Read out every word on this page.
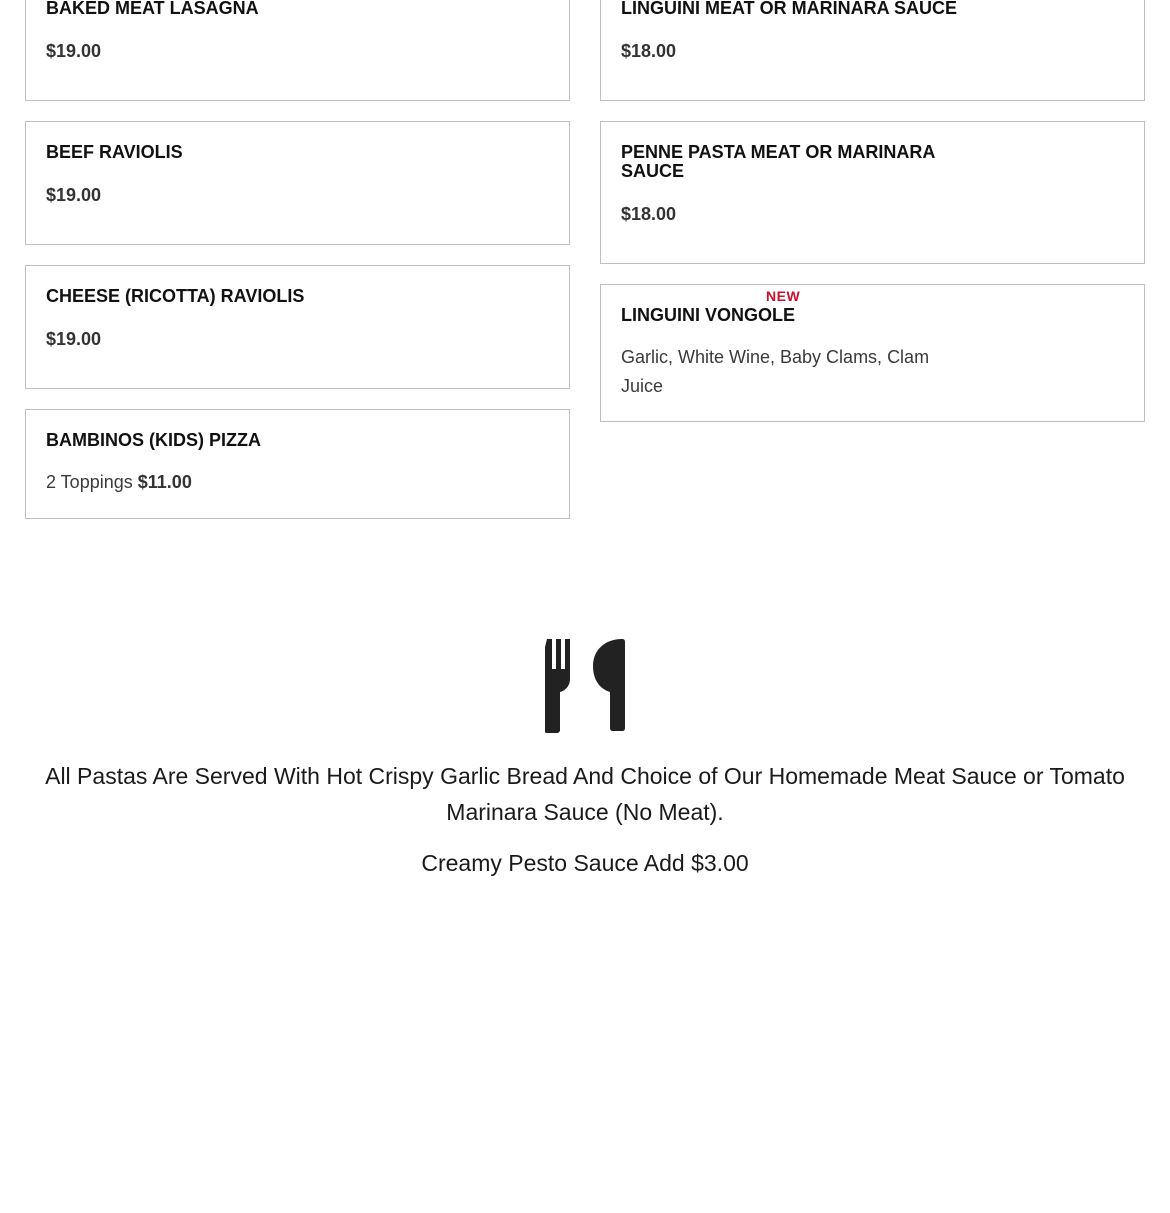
BAKED MEAT LASAGNA
$19.00
BEEF RAVIOLIS
$19.00
CHEESE (RICOTTA) RAVIOLIS
$19.00
BAMBINOS (KIDS) PIZZA
2 Toppings $11.00
LINGUINI MEAT OR MARINARA SAUCE
$18.00
PENNE PASTA MEAT OR MARINARA SAUCE
$18.00
NEW
LINGUINI VONGOLE
Garlic, White Wine, Baby Clams, Clam Juice
All Pastas Are Served With Hot Crispy Garlic Bread And Choice of Our Homemade Meat Sauce or Tomato Marinara Sauce (No Meat).
Creamy Pesto Sauce Add $3.00
